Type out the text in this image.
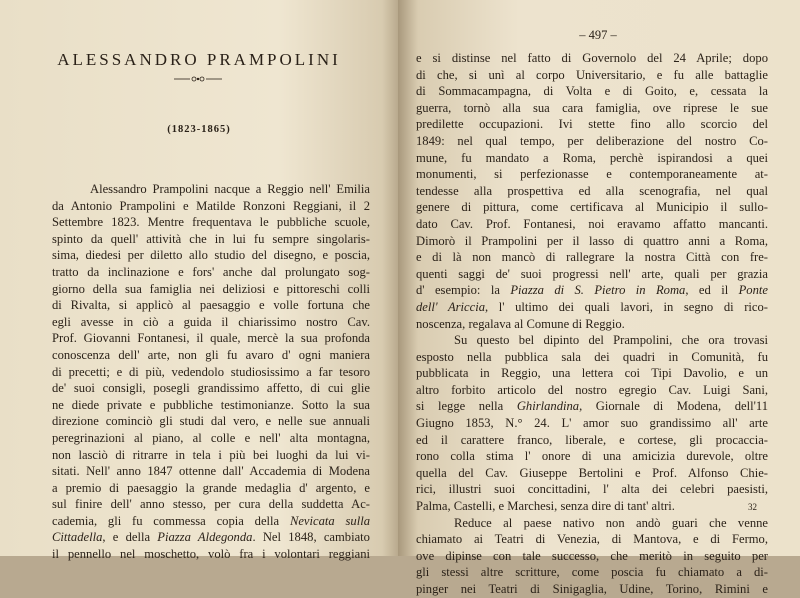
ALESSANDRO PRAMPOLINI
(1823-1865)
Alessandro Prampolini nacque a Reggio nell' Emilia
da Antonio Prampolini e Matilde Ronzoni Reggiani, il 2
Settembre 1823. Mentre frequentava le pubbliche scuole,
spinto da quell' attività che in lui fu sempre singolaris-
sima, diedesi per diletto allo studio del disegno, e poscia,
tratto da inclinazione e fors' anche dal prolungato sog-
giorno della sua famiglia nei deliziosi e pittoreschi colli
di Rivalta, si applicò al paesaggio e volle fortuna che
egli avesse in ciò a guida il chiarissimo nostro Cav.
Prof. Giovanni Fontanesi, il quale, mercè la sua profonda
conoscenza dell' arte, non gli fu avaro d' ogni maniera
di precetti; e di più, vedendolo studiosissimo a far tesoro
de' suoi consigli, posegli grandissimo affetto, di cui glie
ne diede private e pubbliche testimonianze. Sotto la sua
direzione cominciò gli studi dal vero, e nelle sue annuali
peregrinazioni al piano, al colle e nell' alta montagna,
non lasciò di ritrarre in tela i più bei luoghi da lui vi-
sitati. Nell' anno 1847 ottenne dall' Accademia di Modena
a premio di paesaggio la grande medaglia d' argento, e
sul finire dell' anno stesso, per cura della suddetta Ac-
cademia, gli fu commessa copia della Nevicata sulla
Cittadella, e della Piazza Aldegonda. Nel 1848, cambiato
il pennello nel moschetto, volò fra i volontari reggiani
– 497 –
e si distinse nel fatto di Governolo del 24 Aprile; dopo
di che, si unì al corpo Universitario, e fu alle battaglie
di Sommacampagna, di Volta e di Goito, e, cessata la
guerra, tornò alla sua cara famiglia, ove riprese le sue
predilette occupazioni. Ivi stette fino allo scorcio del
1849: nel qual tempo, per deliberazione del nostro Co-
mune, fu mandato a Roma, perchè ispirandosi a quei
monumenti, si perfezionasse e contemporaneamente at-
tendesse alla prospettiva ed alla scenografia, nel qual
genere di pittura, come certificava al Municipio il sullo-
dato Cav. Prof. Fontanesi, noi eravamo affatto mancanti.
Dimorò il Prampolini per il lasso di quattro anni a Roma,
e di là non mancò di rallegrare la nostra Città con fre-
quenti saggi de' suoi progressi nell' arte, quali per grazia
d' esempio: la Piazza di S. Pietro in Roma, ed il Ponte
dell' Ariccia, l' ultimo dei quali lavori, in segno di rico-
noscenza, regalava al Comune di Reggio.
Su questo bel dipinto del Prampolini, che ora trovasi
esposto nella pubblica sala dei quadri in Comunità, fu
pubblicata in Reggio, una lettera coi Tipi Davolio, e un
altro forbito articolo del nostro egregio Cav. Luigi Sani,
si legge nella Ghirlandina, Giornale di Modena, dell'11
Giugno 1853, N.° 24. L' amor suo grandissimo all' arte
ed il carattere franco, liberale, e cortese, gli procaccia-
rono colla stima l' onore di una amicizia durevole, oltre
quella del Cav. Giuseppe Bertolini e Prof. Alfonso Chie-
rici, illustri suoi concittadini, l' alta dei celebri paesisti,
Palma, Castelli, e Marchesi, senza dire di tant' altri.
Reduce al paese nativo non andò guari che venne
chiamato ai Teatri di Venezia, di Mantova, e di Fermo,
ove dipinse con tale successo, che meritò in seguito per
gli stessi altre scritture, come poscia fu chiamato a di-
pinger nei Teatri di Sinigaglia, Udine, Torino, Rimini e
32
